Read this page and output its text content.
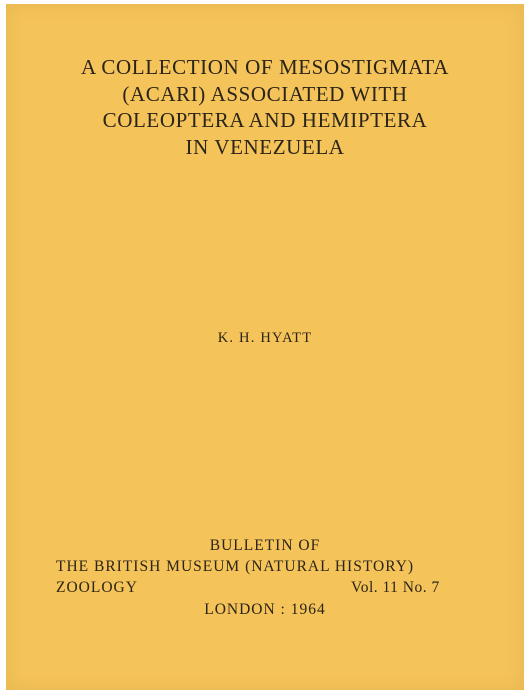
A COLLECTION OF MESOSTIGMATA
(ACARI) ASSOCIATED WITH
COLEOPTERA AND HEMIPTERA
IN VENEZUELA
K. H. HYATT
BULLETIN OF
THE BRITISH MUSEUM (NATURAL HISTORY)
ZOOLOGY	Vol. 11 No. 7
LONDON : 1964
